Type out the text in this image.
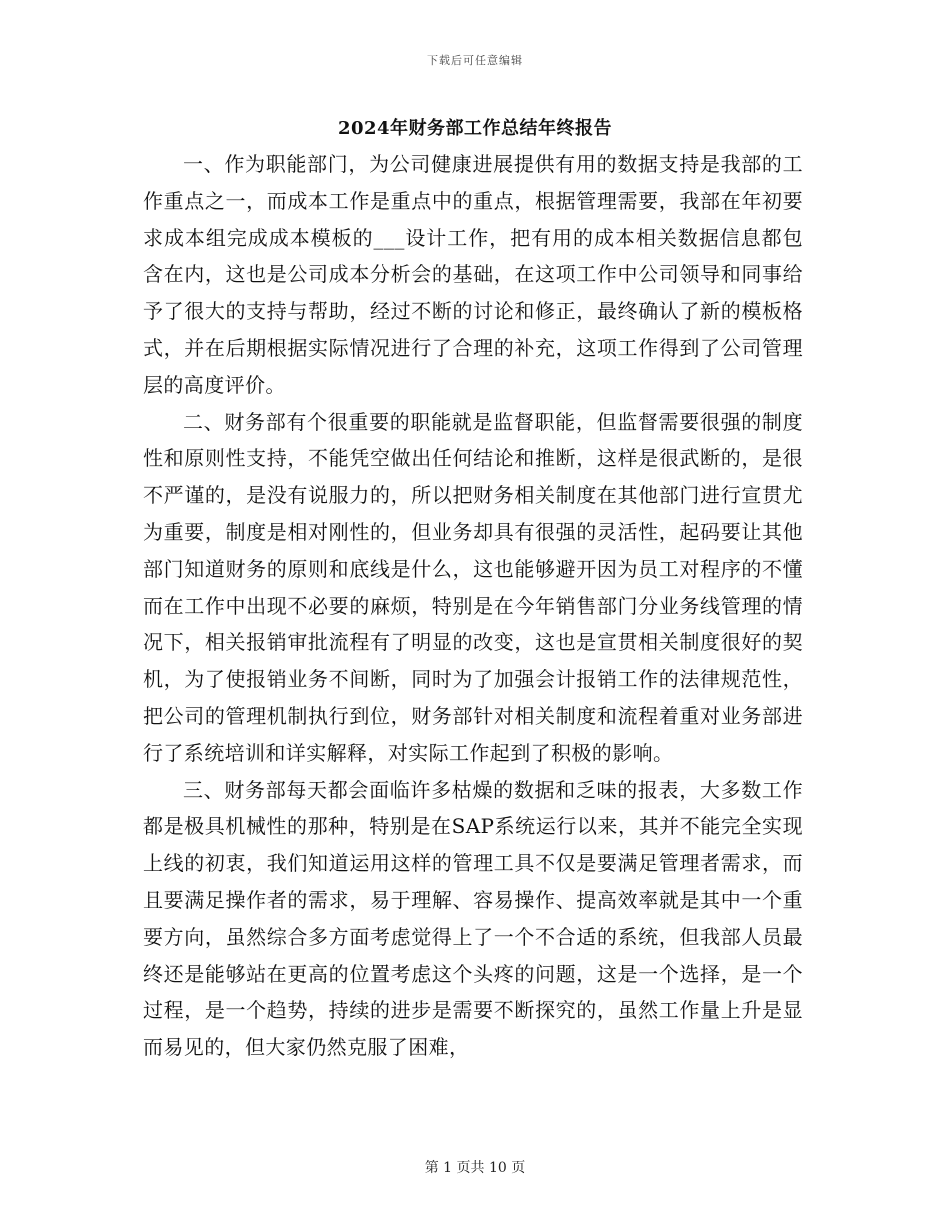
下载后可任意编辑
2024年财务部工作总结年终报告

一、作为职能部门，为公司健康进展提供有用的数据支持是我部的工作重点之一，而成本工作是重点中的重点，根据管理需要，我部在年初要求成本组完成成本模板的___设计工作，把有用的成本相关数据信息都包含在内，这也是公司成本分析会的基础，在这项工作中公司领导和同事给予了很大的支持与帮助，经过不断的讨论和修正，最终确认了新的模板格式，并在后期根据实际情况进行了合理的补充，这项工作得到了公司管理层的高度评价。

二、财务部有个很重要的职能就是监督职能，但监督需要很强的制度性和原则性支持，不能凭空做出任何结论和推断，这样是很武断的，是很不严谨的，是没有说服力的，所以把财务相关制度在其他部门进行宣贯尤为重要，制度是相对刚性的，但业务却具有很强的灵活性，起码要让其他部门知道财务的原则和底线是什么，这也能够避开因为员工对程序的不懂而在工作中出现不必要的麻烦，特别是在今年销售部门分业务线管理的情况下，相关报销审批流程有了明显的改变，这也是宣贯相关制度很好的契机，为了使报销业务不间断，同时为了加强会计报销工作的法律规范性，把公司的管理机制执行到位，财务部针对相关制度和流程着重对业务部进行了系统培训和详实解释，对实际工作起到了积极的影响。

三、财务部每天都会面临许多枯燥的数据和乏味的报表，大多数工作都是极具机械性的那种，特别是在SAP系统运行以来，其并不能完全实现上线的初衷，我们知道运用这样的管理工具不仅是要满足管理者需求，而且要满足操作者的需求，易于理解、容易操作、提高效率就是其中一个重要方向，虽然综合多方面考虑觉得上了一个不合适的系统，但我部人员最终还是能够站在更高的位置考虑这个头疼的问题，这是一个选择，是一个过程，是一个趋势，持续的进步是需要不断探究的，虽然工作量上升是显而易见的，但大家仍然克服了困难，

第 1 页共 10 页
